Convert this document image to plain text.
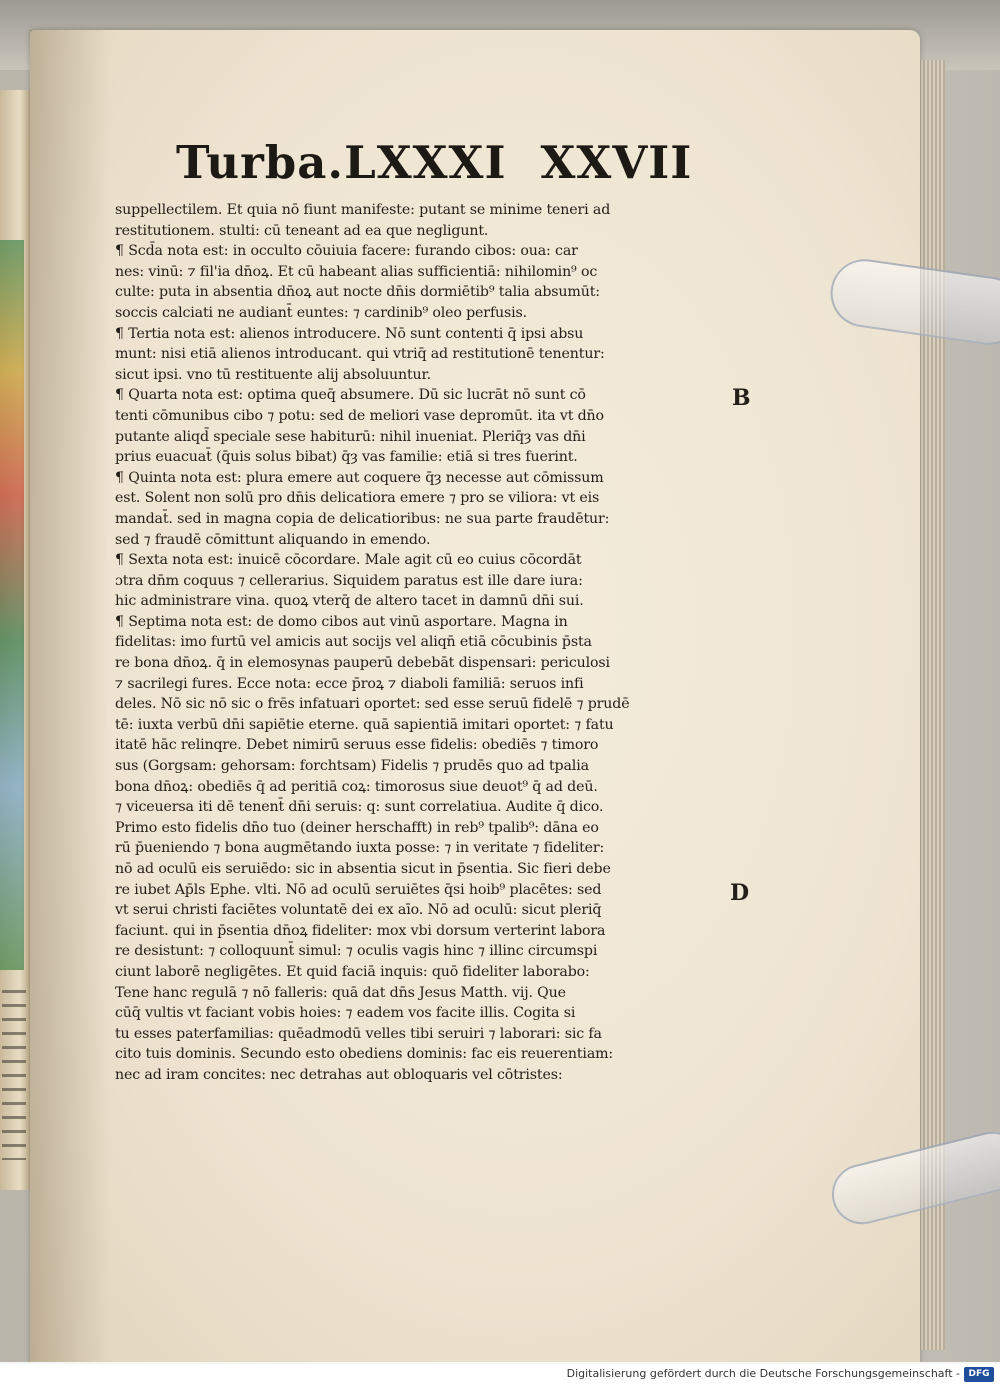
Turba.LXXXI XXVII
suppellectilem. Et quia nō fiunt manifeste: putant se minime teneri ad
restitutionem. stulti: cū teneant ad ea que negligunt.
¶ Scd̄a nota est: in occulto cōuiuia facere: furando cibos: oua: car
nes: vinū: ⁊ fil'ia dn̄oꝝ. Et cū habeant alias sufficientiā: nihilomin⁹ oc
culte: puta in absentia dn̄oꝝ aut nocte dn̄is dormiētib⁹ talia absumūt:
soccis calciati ne audiant̄ euntes: ⁊ cardinib⁹ oleo perfusis.
¶ Tertia nota est: alienos introducere. Nō sunt contenti q̄ ipsi absu
munt: nisi etiā alienos introducant. qui vtriq̄ ad restitutionē tenentur:
sicut ipsi. vno tū restituente alij absoluuntur.
¶ Quarta nota est: optima queq̄ absumere. Dū sic lucrāt nō sunt cō
tenti cōmunibus cibo ⁊ potu: sed de meliori vase depromūt. ita vt dn̄o
putante aliqd̄ speciale sese habiturū: nihil inueniat. Pleriq̄ȝ vas dn̄i
prius euacuat̄ (q̄uis solus bibat) q̄ȝ vas familie: etiā si tres fuerint.
¶ Quinta nota est: plura emere aut coquere q̄ȝ necesse aut cōmissum
est. Solent non solū pro dn̄is delicatiora emere ⁊ pro se viliora: vt eis
mandat̄. sed in magna copia de delicatioribus: ne sua parte fraudētur:
sed ⁊ fraudē cōmittunt aliquando in emendo.
¶ Sexta nota est: inuicē cōcordare. Male agit cū eo cuius cōcordāt
ɔtra dn̄m coquus ⁊ cellerarius. Siquidem paratus est ille dare iura:
hic administrare vina. quoꝝ vterq̄ de altero tacet in damnū dn̄i sui.
¶ Septima nota est: de domo cibos aut vinū asportare. Magna in
fidelitas: imo furtū vel amicis aut socijs vel aliqn̄ etiā cōcubinis p̄sta
re bona dn̄oꝝ. q̄ in elemosynas pauperū debebāt dispensari: periculosi
⁊ sacrilegi fures. Ecce nota: ecce p̄roꝝ ⁊ diaboli familiā: seruos infi
deles. Nō sic nō sic o frēs infatuari oportet: sed esse seruū fidelē ⁊ prudē
tē: iuxta verbū dn̄i sapiētie eterne. quā sapientiā imitari oportet: ⁊ fatu
itatē hāc relinqre. Debet nimirū seruus esse fidelis: obediēs ⁊ timoro
sus (Gorgsam: gehorsam: forchtsam) Fidelis ⁊ prudēs quo ad tpalia
bona dn̄oꝝ: obediēs q̄ ad peritiā coꝝ: timorosus siue deuot⁹ q̄ ad deū.
⁊ viceuersa iti dē tenent̄ dn̄i seruis: q: sunt correlatiua. Audite q̄ dico.
Primo esto fidelis dn̄o tuo (deiner herschafft) in reb⁹ tpalib⁹: dāna eo
rū p̄ueniendo ⁊ bona augmētando iuxta posse: ⁊ in veritate ⁊ fideliter:
nō ad oculū eis seruiēdo: sic in absentia sicut in p̄sentia. Sic fieri debe
re iubet Ap̄ls Ephe. vlti. Nō ad oculū seruiētes q̄si hoib⁹ placētes: sed
vt serui christi faciētes voluntatē dei ex aīo. Nō ad oculū: sicut pleriq̄
faciunt. qui in p̄sentia dn̄oꝝ fideliter: mox vbi dorsum verterint labora
re desistunt: ⁊ colloquunt̄ simul: ⁊ oculis vagis hinc ⁊ illinc circumspi
ciunt laborē negligētes. Et quid faciā inquis: quō fideliter laborabo:
Tene hanc regulā ⁊ nō falleris: quā dat dn̄s Jesus Matth. vij. Que
cūq̄ vultis vt faciant vobis hoies: ⁊ eadem vos facite illis. Cogita si
tu esses paterfamilias: quēadmodū velles tibi seruiri ⁊ laborari: sic fa
cito tuis dominis. Secundo esto obediens dominis: fac eis reuerentiam:
nec ad iram concites: nec detrahas aut obloquaris vel cōtristes:
B
D
Digitalisierung gefördert durch die Deutsche Forschungsgemeinschaft - DFG
